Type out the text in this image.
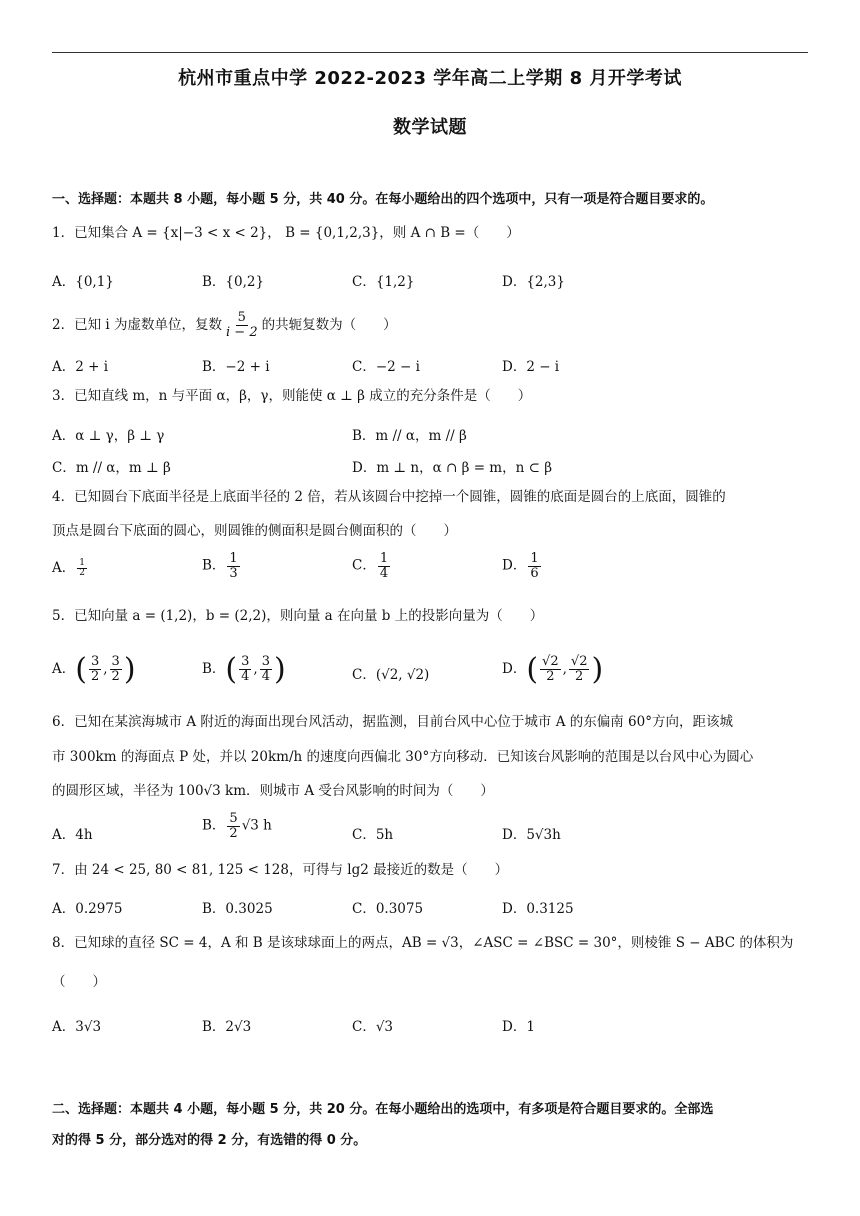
杭州市重点中学 2022-2023 学年高二上学期 8 月开学考试
数学试题
一、选择题：本题共 8 小题，每小题 5 分，共 40 分。在每小题给出的四个选项中，只有一项是符合题目要求的。
1．已知集合 A = {x|−3 < x < 2}， B = {0,1,2,3}，则 A ∩ B =（　　）
A．{0,1}	B．{0,2}	C．{1,2}	D．{2,3}
2．已知 i 为虚数单位，复数 $\frac{5}{i - 2}$ 的共轭复数为（　　）
A．2 + i	B．−2 + i	C．−2 − i	D．2 − i
3．已知直线 m，n 与平面 α，β，γ，则能使 α ⊥ β 成立的充分条件是（　　）
A．α ⊥ γ，β ⊥ γ	B．m // α，m // β
C．m // α，m ⊥ β	D．m ⊥ n，α ∩ β = m，n ⊂ β
4．已知圆台下底面半径是上底面半径的 2 倍，若从该圆台中挖掉一个圆锥，圆锥的底面是圆台的上底面，圆锥的
顶点是圆台下底面的圆心，则圆锥的侧面积是圆台侧面积的（　　）
A． $\frac{1}{2}$	B． $\frac{1}{3}$	C． $\frac{1}{4}$	D． $\frac{1}{6}$
5．已知向量 a = (1,2)，b = (2,2)，则向量 a 在向量 b 上的投影向量为（　　）
A．( $\frac{3}{2}$ , $\frac{3}{2}$ )	B．( $\frac{3}{4}$ , $\frac{3}{4}$ )	C．(√2, √2)	D．( $\frac{√2}{2}$ , $\frac{√2}{2}$ )
6．已知在某滨海城市 A 附近的海面出现台风活动，据监测，目前台风中心位于城市 A 的东偏南 60°方向，距该城
市 300km 的海面点 P 处，并以 20km/h 的速度向西偏北 30°方向移动．已知该台风影响的范围是以台风中心为圆心
的圆形区域，半径为 100√3 km．则城市 A 受台风影响的时间为（　　）
A．4h
B． $\frac{5}{2} √3$ h
C．5h	D．5√3h
7．由 24 < 25, 80 < 81, 125 < 128，可得与 lg2 最接近的数是（　　）
A．0.2975	B．0.3025	C．0.3075	D．0.3125
8．已知球的直径 SC = 4，A 和 B 是该球球面上的两点，AB = √3，∠ASC = ∠BSC = 30°，则棱锥 S − ABC 的体积为
（　　）
A．3√3	B．2√3	C．√3	D．1
二、选择题：本题共 4 小题，每小题 5 分，共 20 分。在每小题给出的选项中，有多项是符合题目要求的。全部选
对的得 5 分，部分选对的得 2 分，有选错的得 0 分。
